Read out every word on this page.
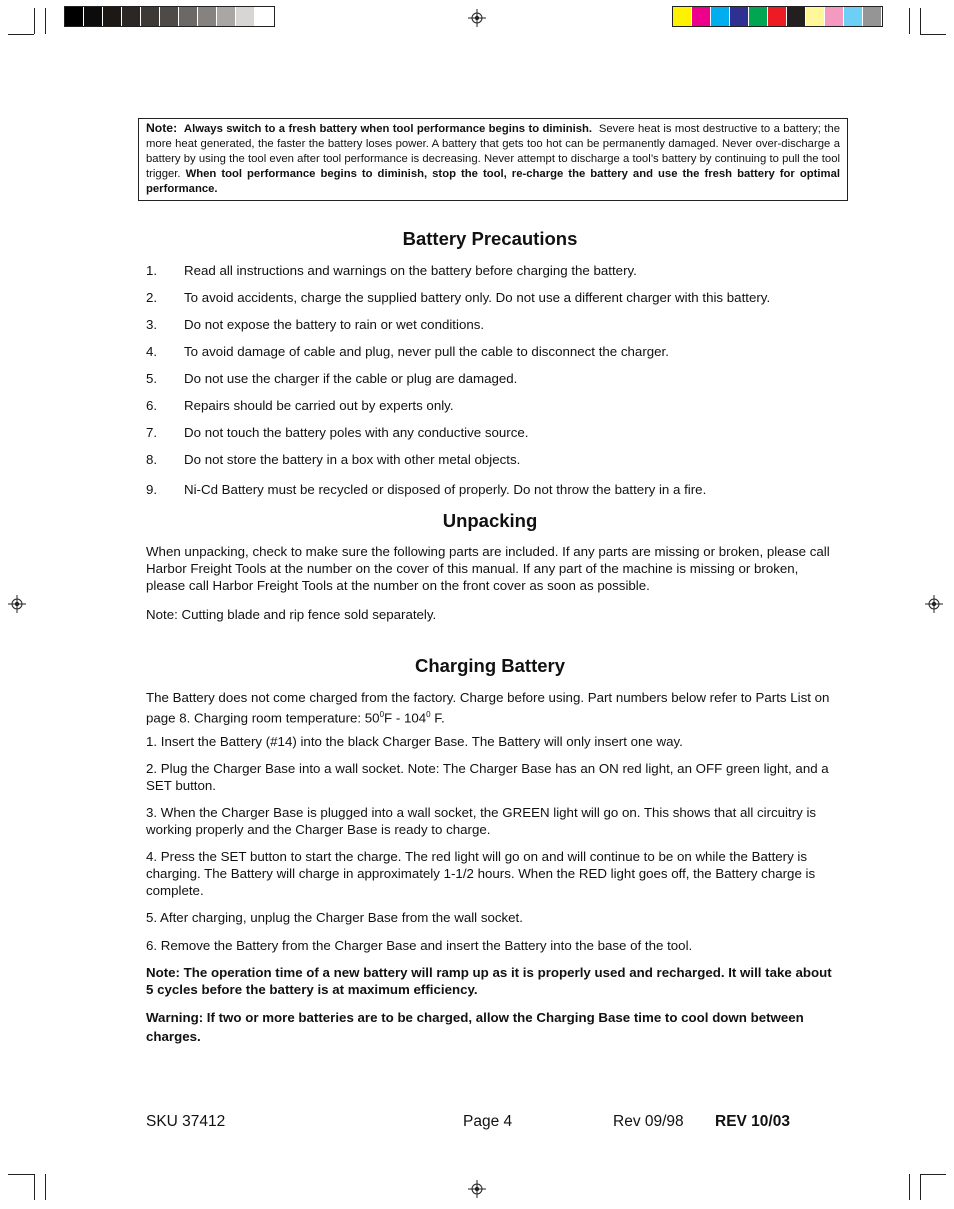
Note: Always switch to a fresh battery when tool performance begins to diminish. Severe heat is most destructive to a battery; the more heat generated, the faster the battery loses power. A battery that gets too hot can be permanently damaged. Never over-discharge a battery by using the tool even after tool performance is decreasing. Never attempt to discharge a tool’s battery by continuing to pull the tool trigger. When tool performance begins to diminish, stop the tool, re-charge the battery and use the fresh battery for optimal performance.
Battery Precautions
1. Read all instructions and warnings on the battery before charging the battery.
2. To avoid accidents, charge the supplied battery only. Do not use a different charger with this battery.
3. Do not expose the battery to rain or wet conditions.
4. To avoid damage of cable and plug, never pull the cable to disconnect the charger.
5. Do not use the charger if the cable or plug are damaged.
6. Repairs should be carried out by experts only.
7. Do not touch the battery poles with any conductive source.
8. Do not store the battery in a box with other metal objects.
9. Ni-Cd Battery must be recycled or disposed of properly. Do not throw the battery in a fire.
Unpacking
When unpacking, check to make sure the following parts are included. If any parts are missing or broken, please call Harbor Freight Tools at the number on the cover of this manual. If any part of the machine is missing or broken, please call Harbor Freight Tools at the number on the front cover as soon as possible.
Note: Cutting blade and rip fence sold separately.
Charging Battery
The Battery does not come charged from the factory. Charge before using. Part numbers below refer to Parts List on page 8. Charging room temperature: $50^0F - 104^0$ F.
1. Insert the Battery (#14) into the black Charger Base. The Battery will only insert one way.
2. Plug the Charger Base into a wall socket. Note: The Charger Base has an ON red light, an OFF green light, and a SET button.
3. When the Charger Base is plugged into a wall socket, the GREEN light will go on. This shows that all circuitry is working properly and the Charger Base is ready to charge.
4. Press the SET button to start the charge. The red light will go on and will continue to be on while the Battery is charging. The Battery will charge in approximately 1-1/2 hours. When the RED light goes off, the Battery charge is complete.
5. After charging, unplug the Charger Base from the wall socket.
6. Remove the Battery from the Charger Base and insert the Battery into the base of the tool.
Note: The operation time of a new battery will ramp up as it is properly used and recharged. It will take about 5 cycles before the battery is at maximum efficiency.
Warning: If two or more batteries are to be charged, allow the Charging Base time to cool down between charges.
SKU 37412	Page 4	Rev 09/98 REV 10/03
